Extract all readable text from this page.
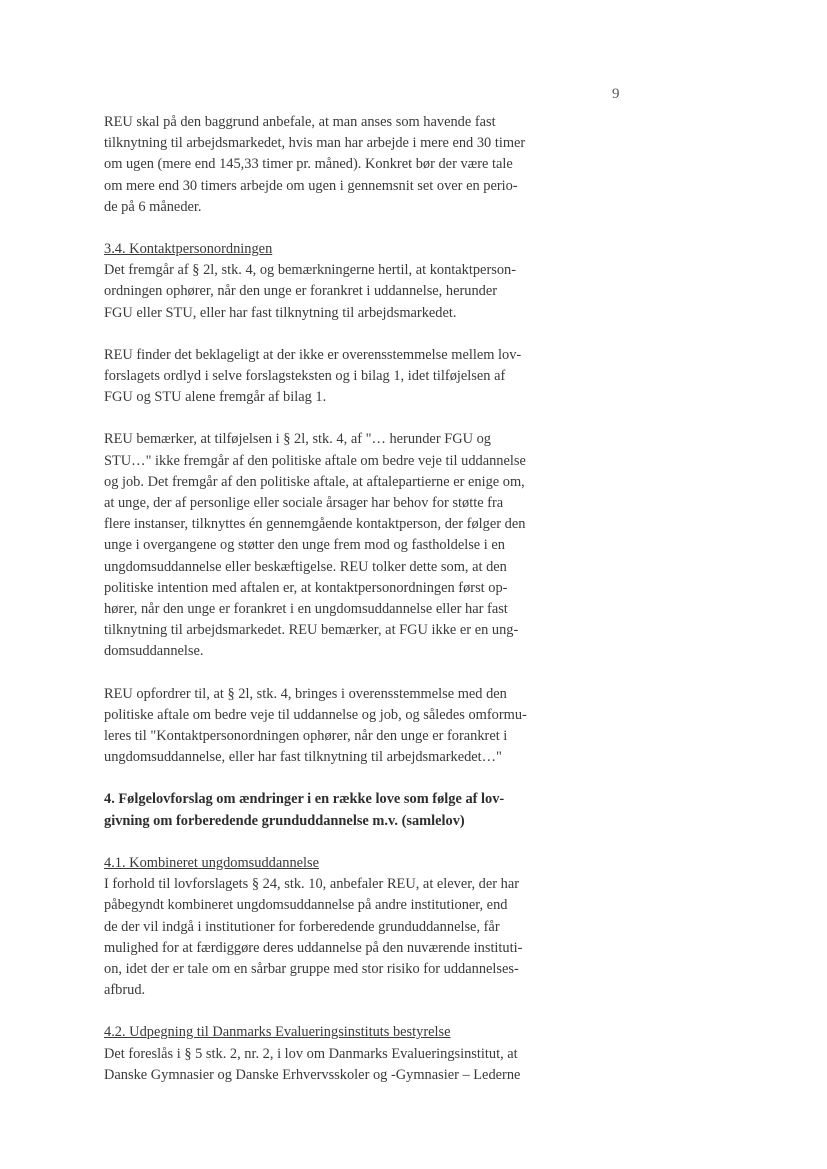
9

REU skal på den baggrund anbefale, at man anses som havende fast
tilknytning til arbejdsmarkedet, hvis man har arbejde i mere end 30 timer
om ugen (mere end 145,33 timer pr. måned). Konkret bør der være tale
om mere end 30 timers arbejde om ugen i gennemsnit set over en perio-
de på 6 måneder.

3.4. Kontaktpersonordningen
Det fremgår af § 2l, stk. 4, og bemærkningerne hertil, at kontaktperson-
ordningen ophører, når den unge er forankret i uddannelse, herunder
FGU eller STU, eller har fast tilknytning til arbejdsmarkedet.

REU finder det beklageligt at der ikke er overensstemmelse mellem lov-
forslagets ordlyd i selve forslagsteksten og i bilag 1, idet tilføjelsen af
FGU og STU alene fremgår af bilag 1.

REU bemærker, at tilføjelsen i § 2l, stk. 4, af "… herunder FGU og
STU…" ikke fremgår af den politiske aftale om bedre veje til uddannelse
og job. Det fremgår af den politiske aftale, at aftalepartierne er enige om,
at unge, der af personlige eller sociale årsager har behov for støtte fra
flere instanser, tilknyttes én gennemgående kontaktperson, der følger den
unge i overgangene og støtter den unge frem mod og fastholdelse i en
ungdomsuddannelse eller beskæftigelse. REU tolker dette som, at den
politiske intention med aftalen er, at kontaktpersonordningen først op-
hører, når den unge er forankret i en ungdomsuddannelse eller har fast
tilknytning til arbejdsmarkedet. REU bemærker, at FGU ikke er en ung-
domsuddannelse.

REU opfordrer til, at § 2l, stk. 4, bringes i overensstemmelse med den
politiske aftale om bedre veje til uddannelse og job, og således omformu-
leres til "Kontaktpersonordningen ophører, når den unge er forankret i
ungdomsuddannelse, eller har fast tilknytning til arbejdsmarkedet…"

4. Følgelovforslag om ændringer i en række love som følge af lov-
givning om forberedende grunduddannelse m.v. (samlelov)
4.1. Kombineret ungdomsuddannelse
I forhold til lovforslagets § 24, stk. 10, anbefaler REU, at elever, der har
påbegyndt kombineret ungdomsuddannelse på andre institutioner, end
de der vil indgå i institutioner for forberedende grunduddannelse, får
mulighed for at færdiggøre deres uddannelse på den nuværende instituti-
on, idet der er tale om en sårbar gruppe med stor risiko for uddannelses-
afbrud.
4.2. Udpegning til Danmarks Evalueringsinstituts bestyrelse
Det foreslås i § 5 stk. 2, nr. 2, i lov om Danmarks Evalueringsinstitut, at
Danske Gymnasier og Danske Erhvervsskoler og -Gymnasier – Lederne
